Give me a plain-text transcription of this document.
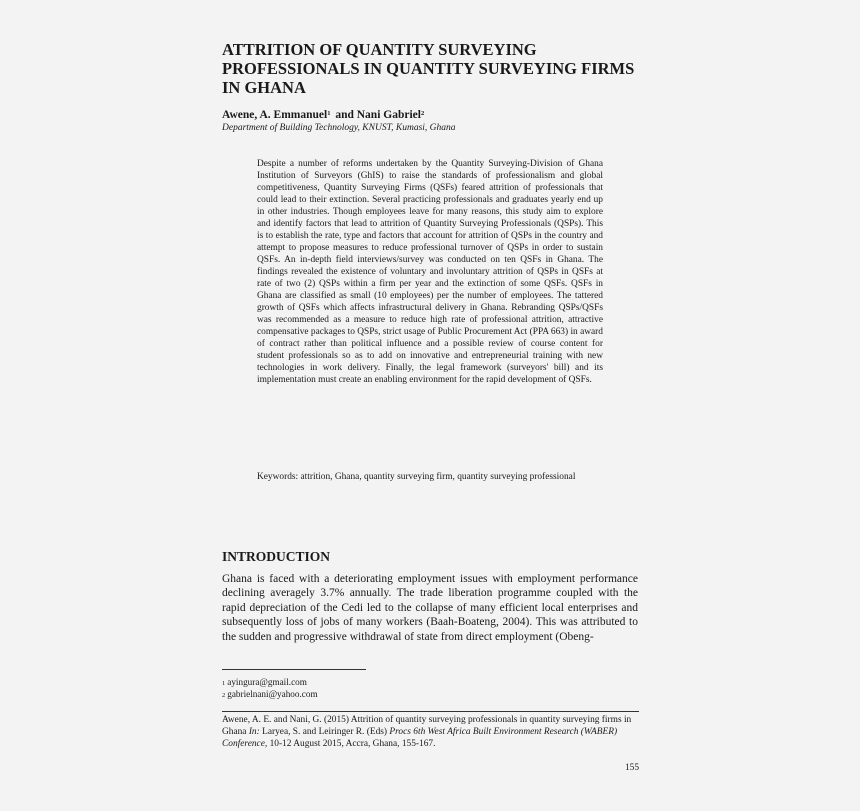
ATTRITION OF QUANTITY SURVEYING PROFESSIONALS IN QUANTITY SURVEYING FIRMS IN GHANA

Awene, A. Emmanuel$^1$ and Nani Gabriel$^2$

Department of Building Technology, KNUST, Kumasi, Ghana

Despite a number of reforms undertaken by the Quantity Surveying-Division of Ghana Institution of Surveyors (GhIS) to raise the standards of professionalism and global competitiveness, Quantity Surveying Firms (QSFs) feared attrition of professionals that could lead to their extinction. Several practicing professionals and graduates yearly end up in other industries. Though employees leave for many reasons, this study aim to explore and identify factors that lead to attrition of Quantity Surveying Professionals (QSPs). This is to establish the rate, type and factors that account for attrition of QSPs in the country and attempt to propose measures to reduce professional turnover of QSPs in order to sustain QSFs. An in-depth field interviews/survey was conducted on ten QSFs in Ghana. The findings revealed the existence of voluntary and involuntary attrition of QSPs in QSFs at rate of two (2) QSPs within a firm per year and the extinction of some QSFs. QSFs in Ghana are classified as small (10 employees) per the number of employees. The tattered growth of QSFs which affects infrastructural delivery in Ghana. Rebranding QSPs/QSFs was recommended as a measure to reduce high rate of professional attrition, attractive compensative packages to QSPs, strict usage of Public Procurement Act (PPA 663) in award of contract rather than political influence and a possible review of course content for student professionals so as to add on innovative and entrepreneurial training with new technologies in work delivery. Finally, the legal framework (surveyors' bill) and its implementation must create an enabling environment for the rapid development of QSFs.

Keywords: attrition, Ghana, quantity surveying firm, quantity surveying professional

INTRODUCTION

Ghana is faced with a deteriorating employment issues with employment performance declining averagely 3.7% annually. The trade liberation programme coupled with the rapid depreciation of the Cedi led to the collapse of many efficient local enterprises and subsequently loss of jobs of many workers (Baah-Boateng, 2004). This was attributed to the sudden and progressive withdrawal of state from direct employment (Obeng-

$^1$ ayingura@gmail.com

$^2$ gabrielnani@yahoo.com

Awene, A. E. and Nani, G. (2015) Attrition of quantity surveying professionals in quantity surveying firms in Ghana In: Laryea, S. and Leiringer R. (Eds) Procs 6th West Africa Built Environment Research (WABER) Conference, 10-12 August 2015, Accra, Ghana, 155-167.

155
